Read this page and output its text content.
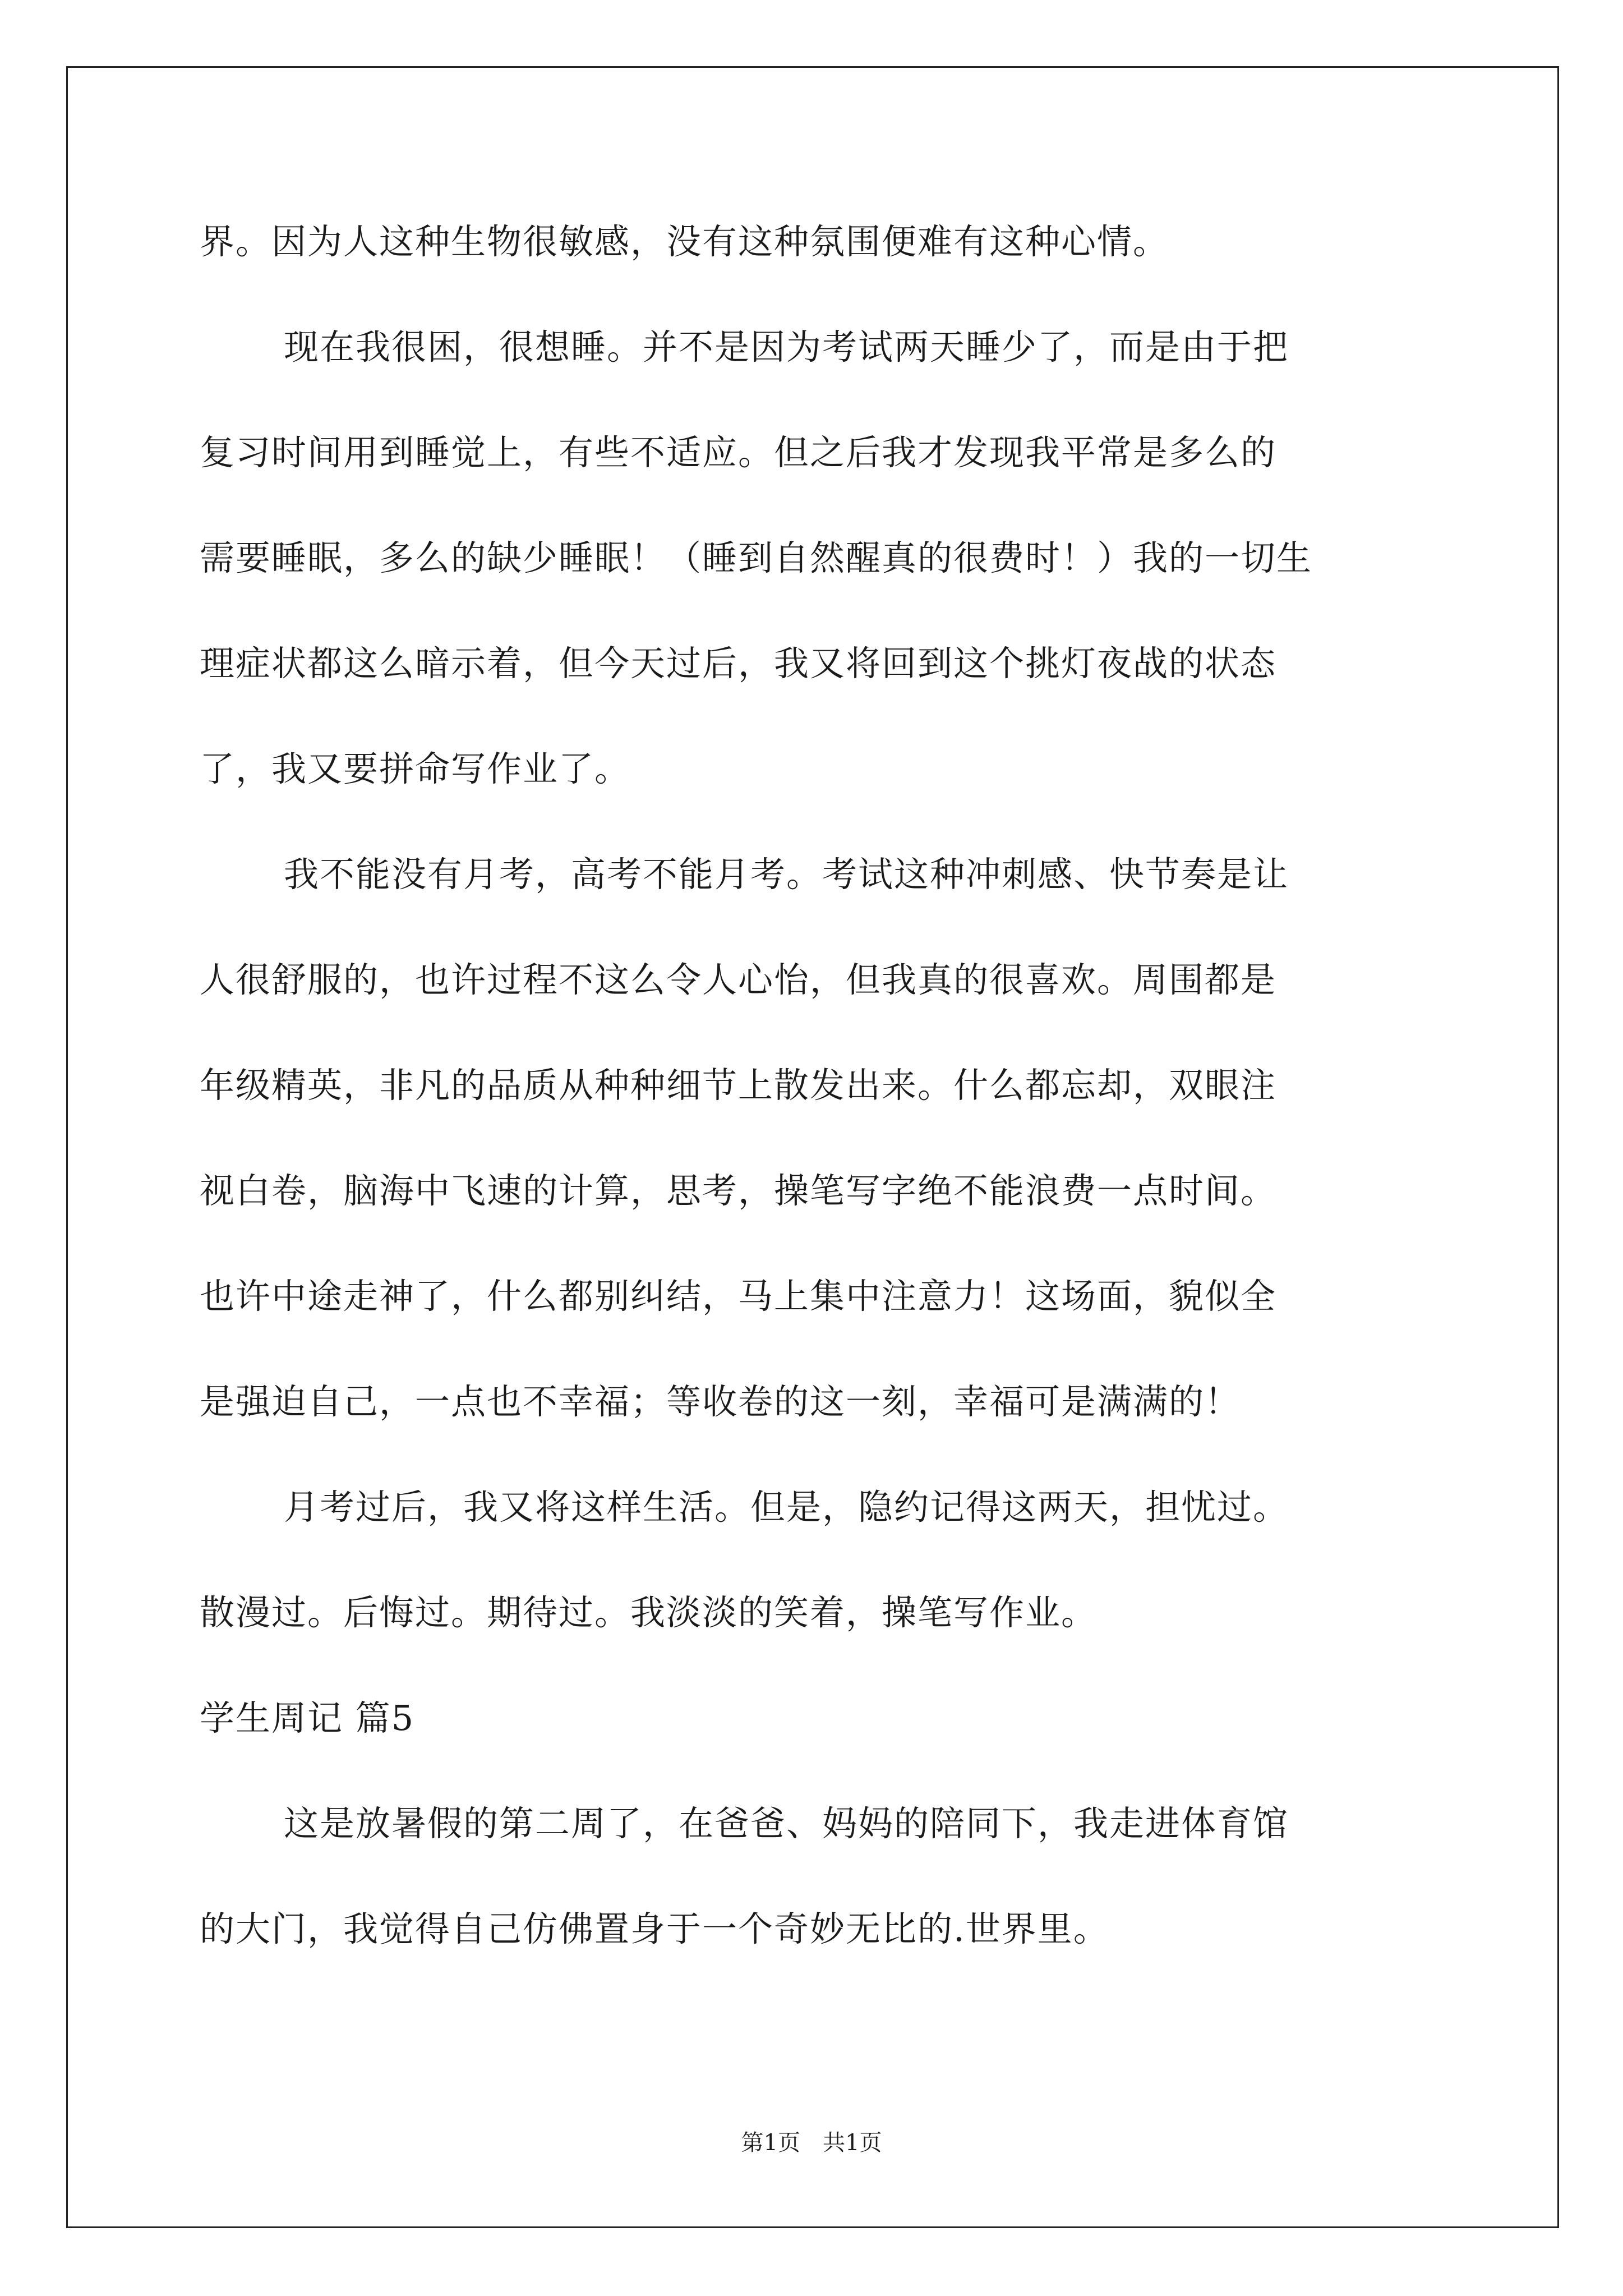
界。因为人这种生物很敏感，没有这种氛围便难有这种心情。
现在我很困，很想睡。并不是因为考试两天睡少了，而是由于把
复习时间用到睡觉上，有些不适应。但之后我才发现我平常是多么的
需要睡眠，多么的缺少睡眠！（睡到自然醒真的很费时！）我的一切生
理症状都这么暗示着，但今天过后，我又将回到这个挑灯夜战的状态
了，我又要拼命写作业了。
我不能没有月考，高考不能月考。考试这种冲刺感、快节奏是让
人很舒服的，也许过程不这么令人心怡，但我真的很喜欢。周围都是
年级精英，非凡的品质从种种细节上散发出来。什么都忘却，双眼注
视白卷，脑海中飞速的计算，思考，操笔写字绝不能浪费一点时间。
也许中途走神了，什么都别纠结，马上集中注意力！这场面，貌似全
是强迫自己，一点也不幸福；等收卷的这一刻，幸福可是满满的！
月考过后，我又将这样生活。但是，隐约记得这两天，担忧过。
散漫过。后悔过。期待过。我淡淡的笑着，操笔写作业。
学生周记 篇5
这是放暑假的第二周了，在爸爸、妈妈的陪同下，我走进体育馆
的大门，我觉得自己仿佛置身于一个奇妙无比的.世界里。
第1页　共1页
